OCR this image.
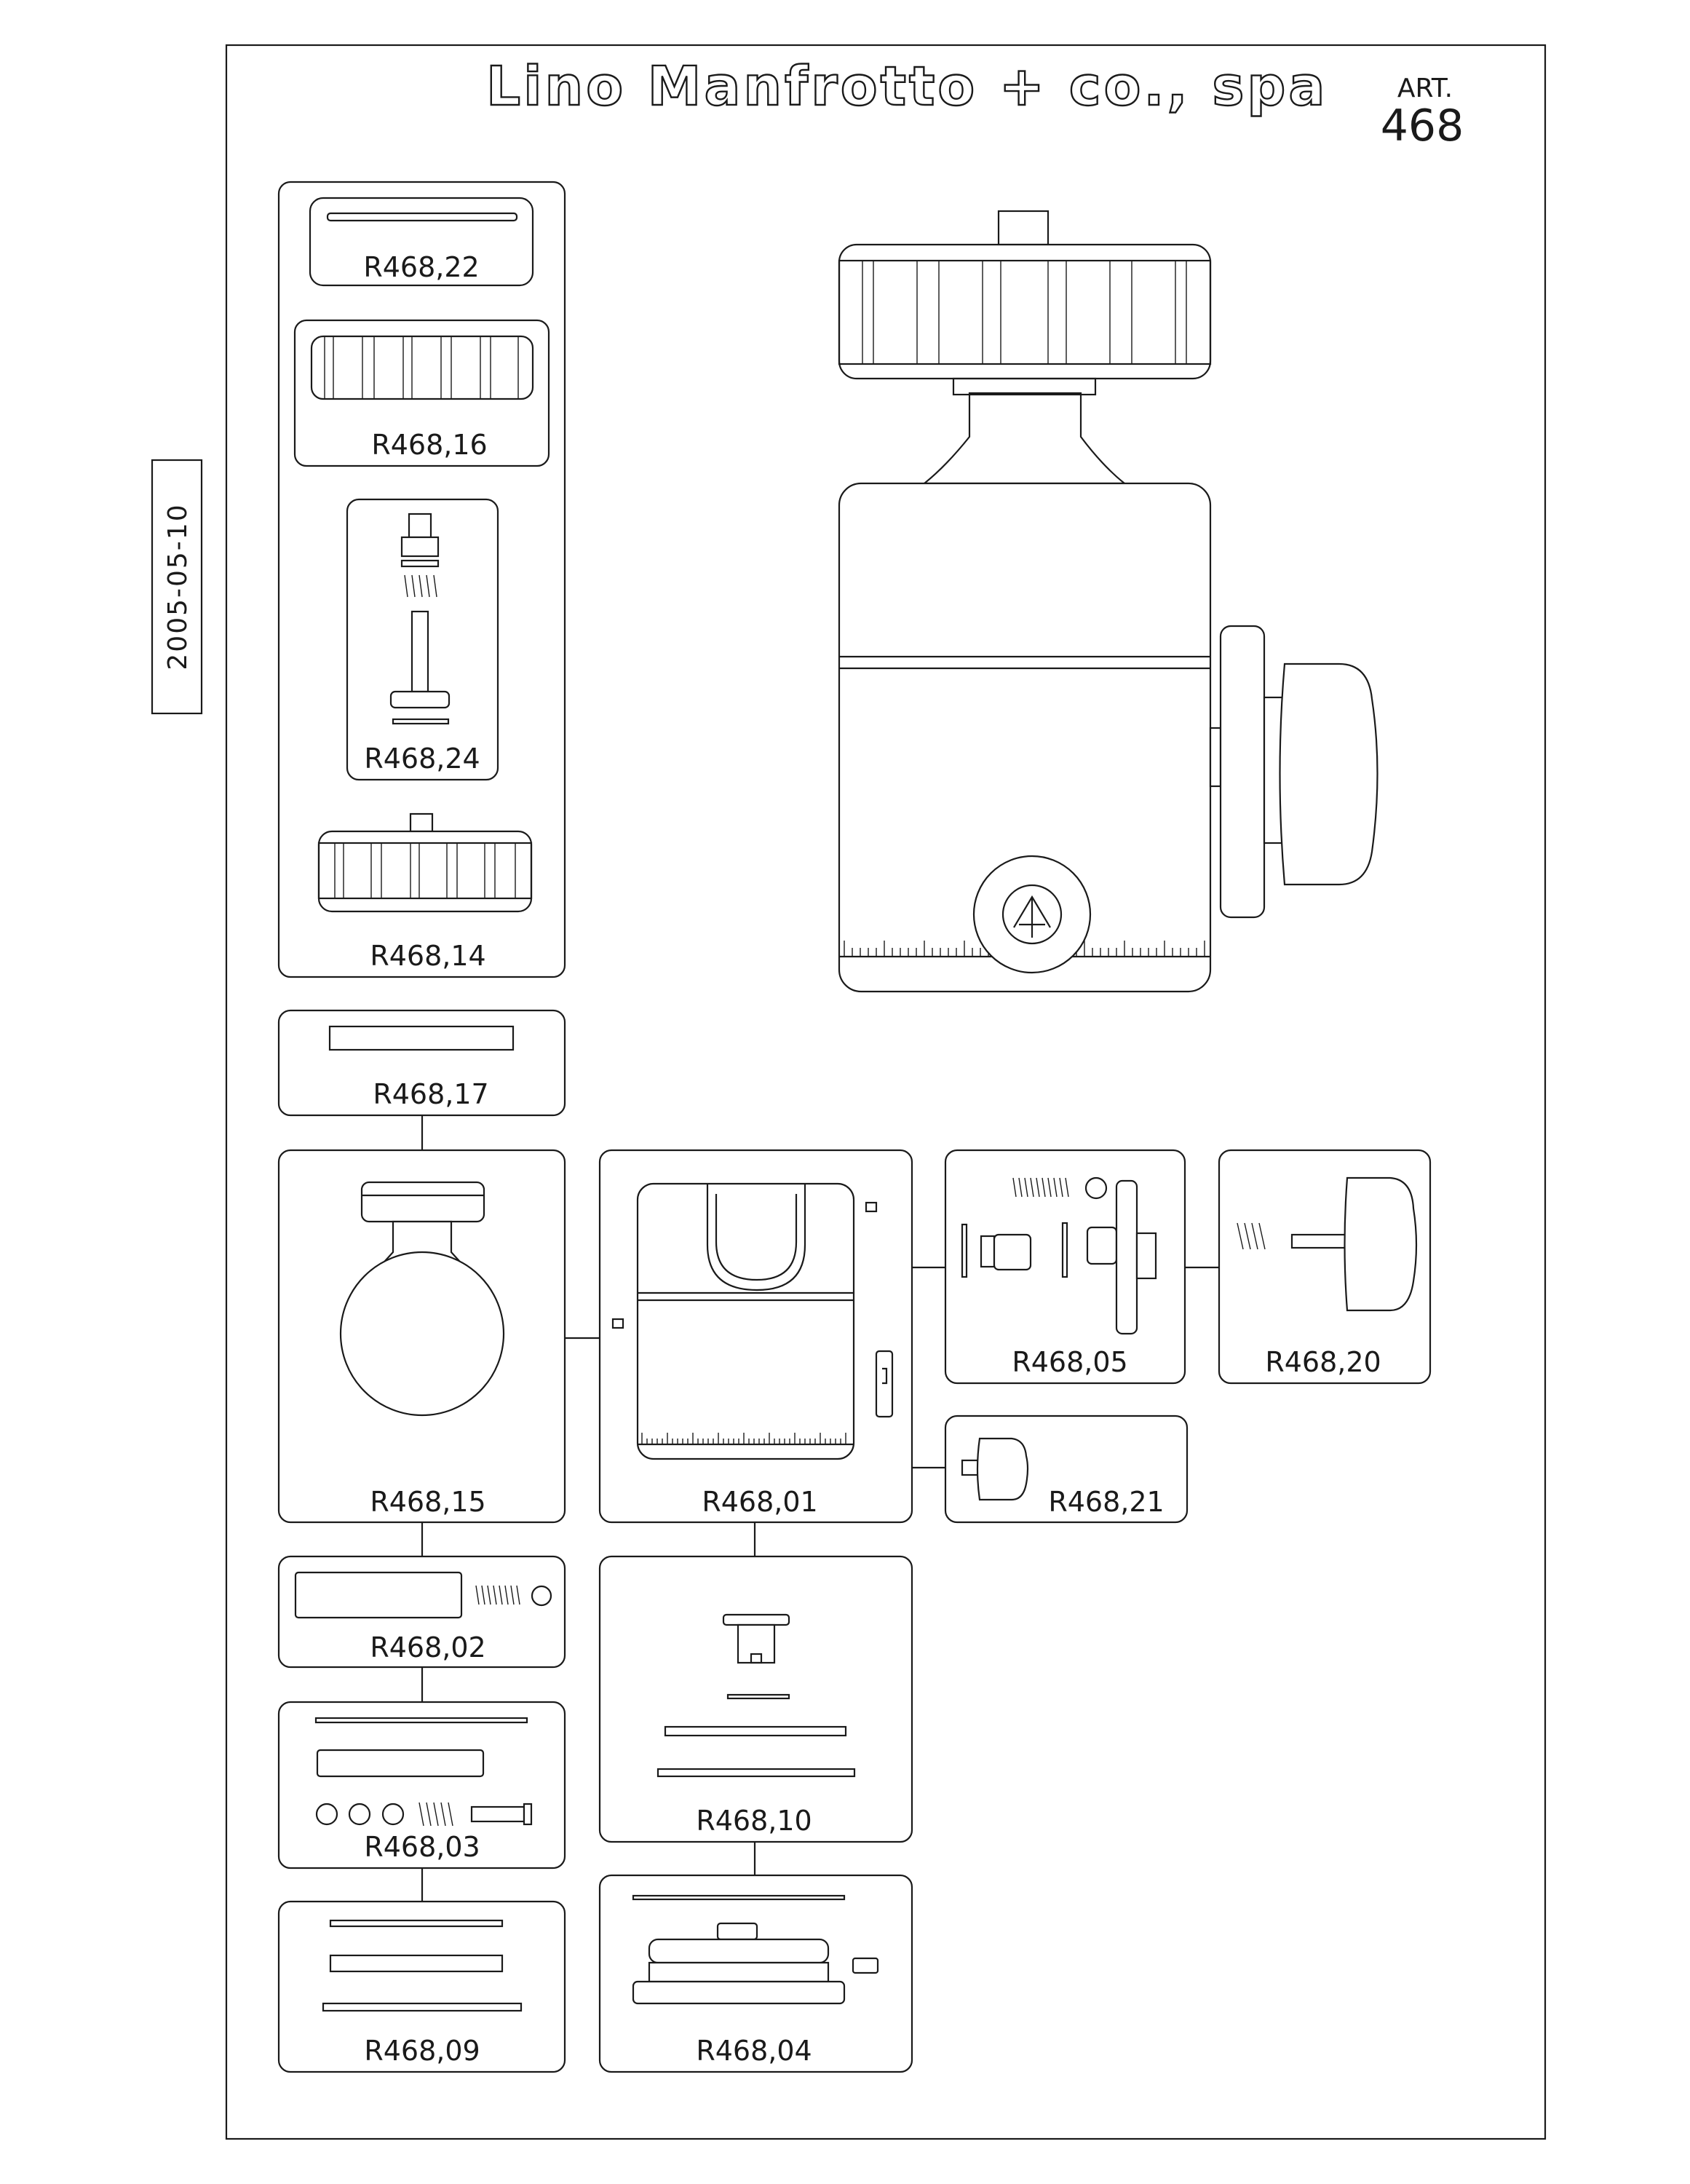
Lino Manfrotto + co., spa	ART.
468
2005-05-10
R468,22
R468,16
R468,24
R468,14
R468,17
R468,15	R468,01
R468,05	R468,20
R468,21
R468,02
R468,10
R468,03
R468,09	R468,04
